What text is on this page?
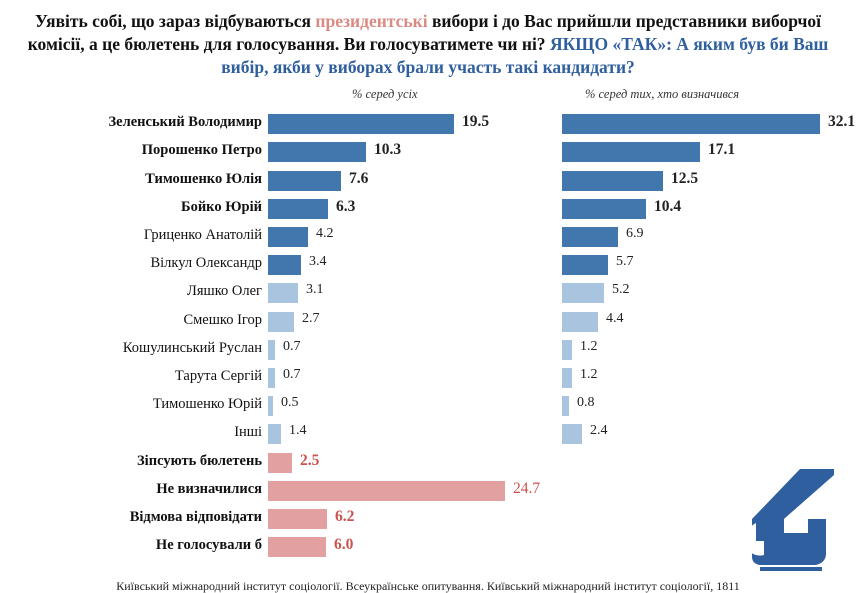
Уявіть собі, що зараз відбуваються президентські вибори і до Вас прийшли представники виборчої комісії, а це бюлетень для голосування. Ви голосуватимете чи ні? ЯКЩО «ТАК»: А яким був би Ваш вибір, якби у виборах брали участь такі кандидати?
% серед усіх	% серед тих, хто визначився
Зеленський Володимир	19.5	32.1
Порошенко Петро	10.3	17.1
Тимошенко Юлія	7.6	12.5
Бойко Юрій	6.3	10.4
Гриценко Анатолій	4.2	6.9
Вілкул Олександр	3.4	5.7
Ляшко Олег	3.1	5.2
Смешко Ігор	2.7	4.4
Кошулинський Руслан 0.7	1.2
Тарута Сергій 0.7	1.2
Тимошенко Юрій 0.5	0.8
Інші 1.4	2.4
Зіпсують бюлетень 2.5
Не визначилися	24.7
Відмова відповідати	6.2
Не голосували б	6.0
Київський міжнародний інститут соціології. Всеукраїнське опитування. Київський міжнародний інститут соціології, 1811
